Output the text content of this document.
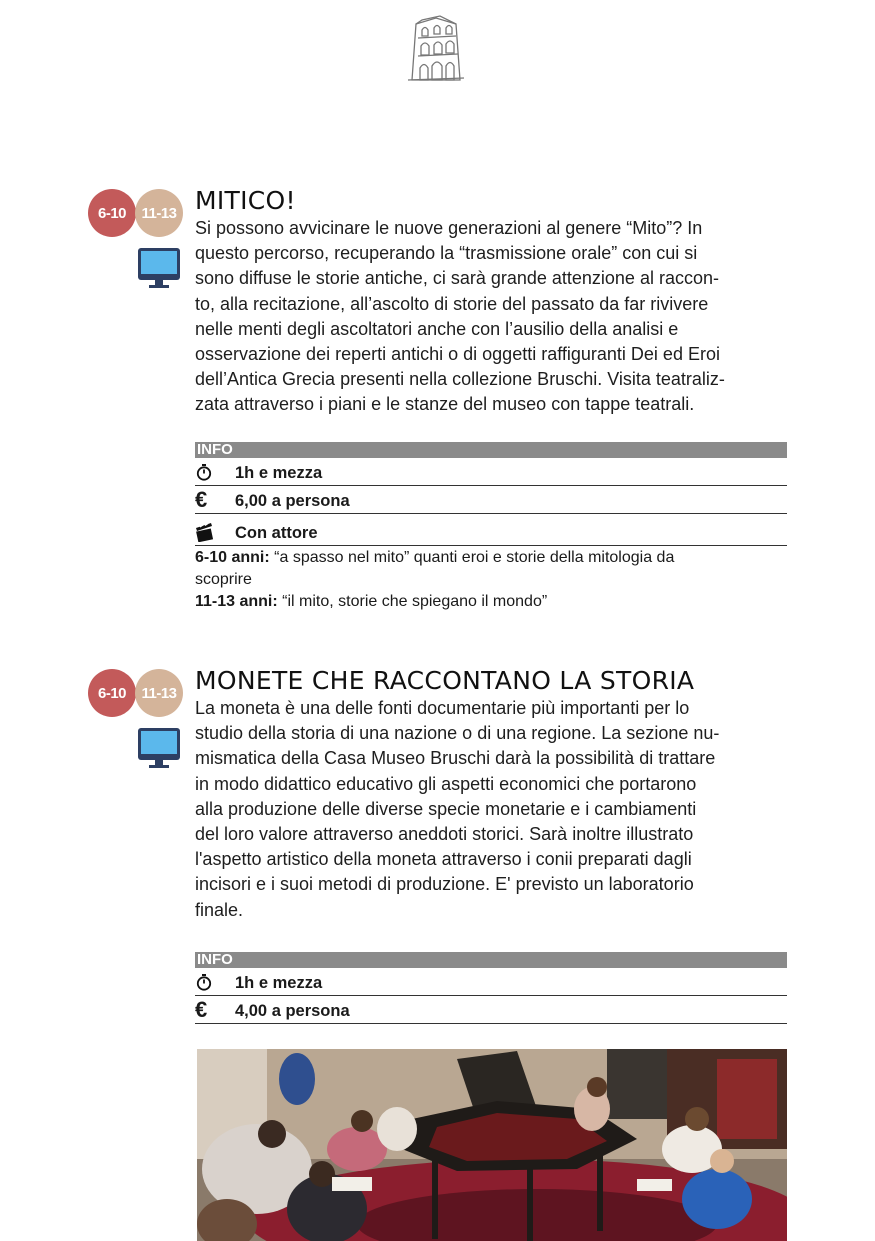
6-10	11-13 MITICO!

Si possono avvicinare le nuove generazioni al genere “Mito”? In
questo percorso, recuperando la “trasmissione orale” con cui si
sono diffuse le storie antiche, ci sarà grande attenzione al raccon-
to, alla recitazione, all’ascolto di storie del passato da far rivivere
nelle menti degli ascoltatori anche con l’ausilio della analisi e
osservazione dei reperti antichi o di oggetti raffiguranti Dei ed Eroi
dell’Antica Grecia presenti nella collezione Bruschi. Visita teatraliz-
zata attraverso i piani e le stanze del museo con tappe teatrali.

INFO
1h e mezza
€	6,00 a persona
Con attore

6-10 anni: “a spasso nel mito” quanti eroi e storie della mitologia da
scoprire

11-13 anni: “il mito, storie che spiegano il mondo”

6-10	11-13 MONETE CHE RACCONTANO LA STORIA

La moneta è una delle fonti documentarie più importanti per lo
studio della storia di una nazione o di una regione. La sezione nu-
mismatica della Casa Museo Bruschi darà la possibilità di trattare
in modo didattico educativo gli aspetti economici che portarono
alla produzione delle diverse specie monetarie e i cambiamenti
del loro valore attraverso aneddoti storici. Sarà inoltre illustrato
l'aspetto artistico della moneta attraverso i conii preparati dagli
incisori e i suoi metodi di produzione. E' previsto un laboratorio
finale.

INFO
1h e mezza
€	4,00 a persona
